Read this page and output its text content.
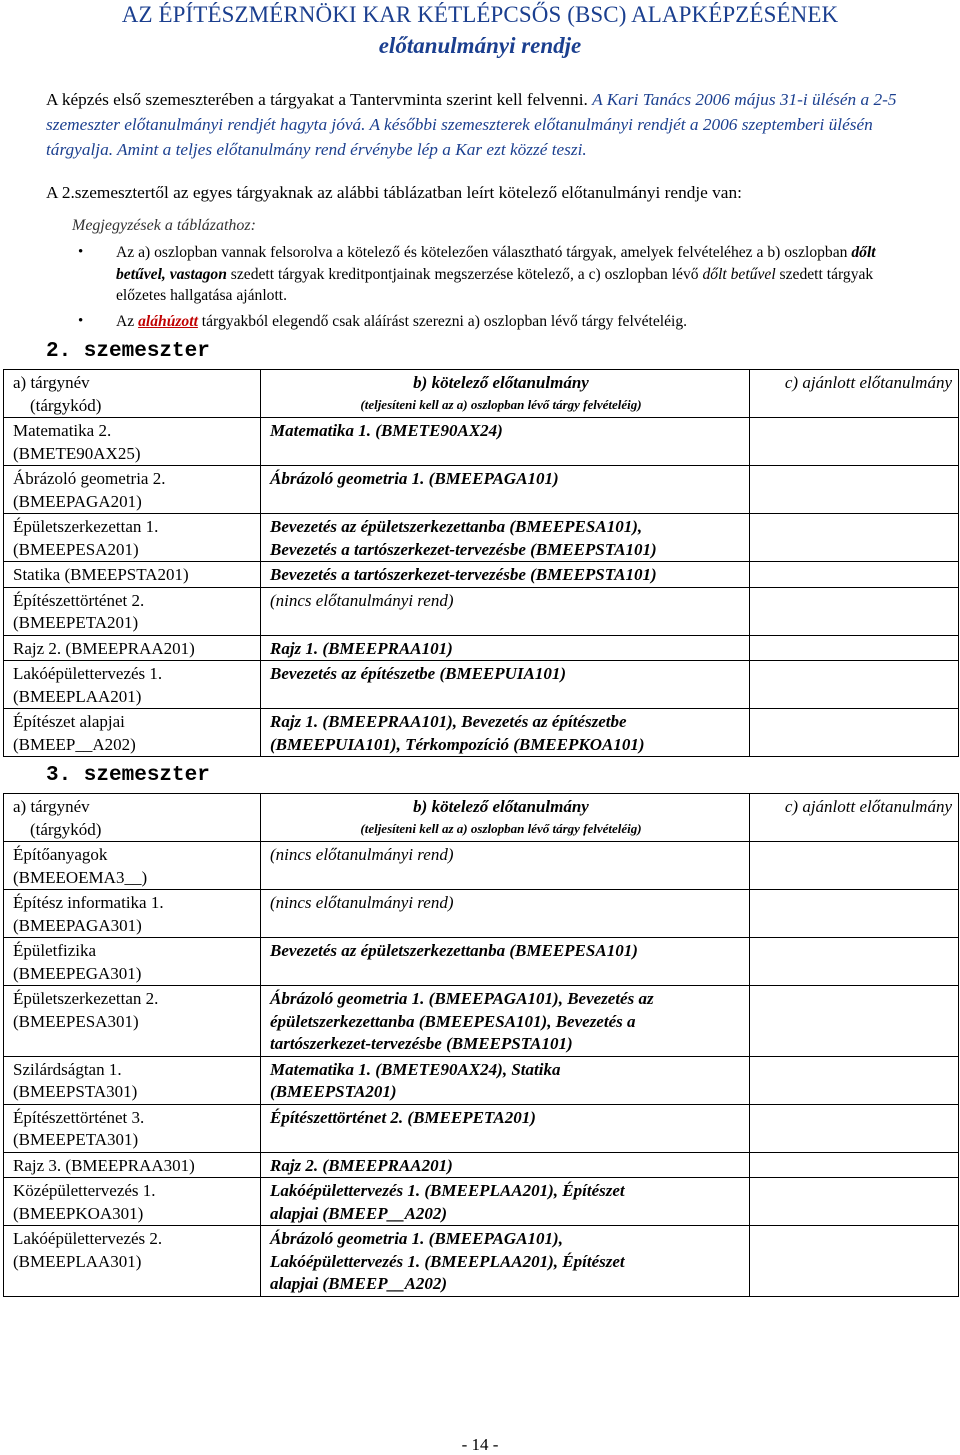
AZ ÉPÍTÉSZMÉRNÖKI KAR KÉTLÉPCSŐS (BSC) ALAPKÉPZÉSÉNEK
előtanulmányi rendje
A képzés első szemeszterében a tárgyakat a Tantervminta szerint kell felvenni. A Kari Tanács 2006 május 31-i ülésén a 2-5 szemeszter előtanulmányi rendjét hagyta jóvá. A későbbi szemeszterek előtanulmányi rendjét a 2006 szeptemberi ülésén tárgyalja. Amint a teljes előtanulmány rend érvénybe lép a Kar ezt közzé teszi.
A 2.szemesztertől az egyes tárgyaknak az alábbi táblázatban leírt kötelező előtanulmányi rendje van:
Megjegyzések a táblázathoz:
• Az a) oszlopban vannak felsorolva a kötelező és kötelezően választható tárgyak, amelyek felvételéhez a b) oszlopban dőlt betűvel, vastagon szedett tárgyak kreditpontjainak megszerzése kötelező, a c) oszlopban lévő dőlt betűvel szedett tárgyak előzetes hallgatása ajánlott.
• Az aláhúzott tárgyakból elegendő csak aláírást szerezni a) oszlopban lévő tárgy felvételéig.
2. szemeszter
a) tárgynév
(tárgykód)	b) kötelező előtanulmány
(teljesíteni kell az a) oszlopban lévő tárgy felvételéig)	c) ajánlott előtanulmány
Matematika 2.
(BMETE90AX25)	Matematika 1. (BMETE90AX24)	
Ábrázoló geometria 2.
(BMEEPAGA201)	Ábrázoló geometria 1. (BMEEPAGA101)	
Épületszerkezettan 1.
(BMEEPESA201)	Bevezetés az épületszerkezettanba (BMEEPESA101),
Bevezetés a tartószerkezet-tervezésbe (BMEEPSTA101)	
Statika (BMEEPSTA201)	Bevezetés a tartószerkezet-tervezésbe (BMEEPSTA101)	
Építészettörténet 2.
(BMEEPETA201)	(nincs előtanulmányi rend)	
Rajz 2. (BMEEPRAA201)	Rajz 1. (BMEEPRAA101)	
Lakóépülettervezés 1.
(BMEEPLAA201)	Bevezetés az építészetbe (BMEEPUIA101)	
Építészet alapjai
(BMEEP__A202)	Rajz 1. (BMEEPRAA101), Bevezetés az építészetbe
(BMEEPUIA101), Térkompozíció (BMEEPKOA101)	
3. szemeszter
a) tárgynév
(tárgykód)	b) kötelező előtanulmány
(teljesíteni kell az a) oszlopban lévő tárgy felvételéig)	c) ajánlott előtanulmány
Építőanyagok
(BMEEOEMA3__)	(nincs előtanulmányi rend)	
Építész informatika 1.
(BMEEPAGA301)	(nincs előtanulmányi rend)	
Épületfizika
(BMEEPEGA301)	Bevezetés az épületszerkezettanba (BMEEPESA101)	
Épületszerkezettan 2.
(BMEEPESA301)	Ábrázoló geometria 1. (BMEEPAGA101), Bevezetés az
épületszerkezettanba (BMEEPESA101), Bevezetés a
tartószerkezet-tervezésbe (BMEEPSTA101)	
Szilárdságtan 1.
(BMEEPSTA301)	Matematika 1. (BMETE90AX24), Statika
(BMEEPSTA201)	
Építészettörténet 3.
(BMEEPETA301)	Építészettörténet 2. (BMEEPETA201)	
Rajz 3. (BMEEPRAA301)	Rajz 2. (BMEEPRAA201)	
Középülettervezés 1.
(BMEEPKOA301)	Lakóépülettervezés 1. (BMEEPLAA201), Építészet
alapjai (BMEEP__A202)	
Lakóépülettervezés 2.
(BMEEPLAA301)	Ábrázoló geometria 1. (BMEEPAGA101),
Lakóépülettervezés 1. (BMEEPLAA201), Építészet
alapjai (BMEEP__A202)	
- 14 -
